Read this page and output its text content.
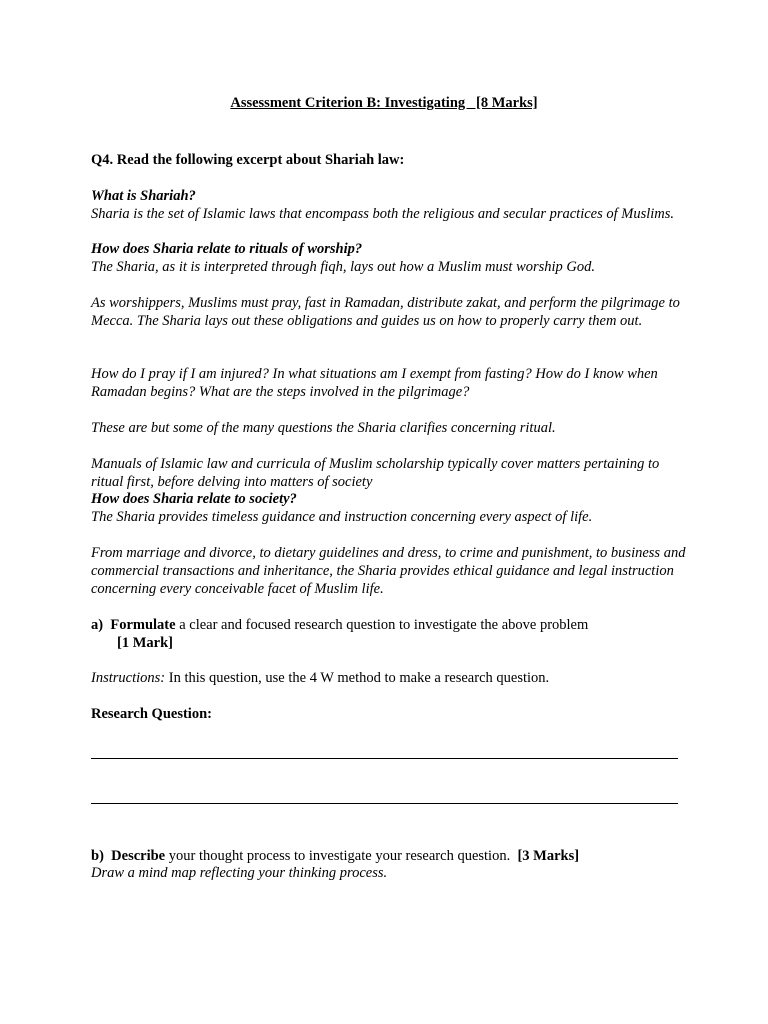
Assessment Criterion B: Investigating   [8 Marks]

Q4. Read the following excerpt about Shariah law:

What is Shariah?

Sharia is the set of Islamic laws that encompass both the religious and secular practices of Muslims.

How does Sharia relate to rituals of worship?

The Sharia, as it is interpreted through fiqh, lays out how a Muslim must worship God.

As worshippers, Muslims must pray, fast in Ramadan, distribute zakat, and perform the pilgrimage to Mecca. The Sharia lays out these obligations and guides us on how to properly carry them out.

How do I pray if I am injured? In what situations am I exempt from fasting? How do I know when Ramadan begins? What are the steps involved in the pilgrimage?

These are but some of the many questions the Sharia clarifies concerning ritual.

Manuals of Islamic law and curricula of Muslim scholarship typically cover matters pertaining to ritual first, before delving into matters of society

How does Sharia relate to society?

The Sharia provides timeless guidance and instruction concerning every aspect of life.

From marriage and divorce, to dietary guidelines and dress, to crime and punishment, to business and commercial transactions and inheritance, the Sharia provides ethical guidance and legal instruction concerning every conceivable facet of Muslim life.

a) Formulate a clear and focused research question to investigate the above problem

[1 Mark]

Instructions: In this question, use the 4 W method to make a research question.

Research Question:

b) Describe your thought process to investigate your research question. [3 Marks]

Draw a mind map reflecting your thinking process.
